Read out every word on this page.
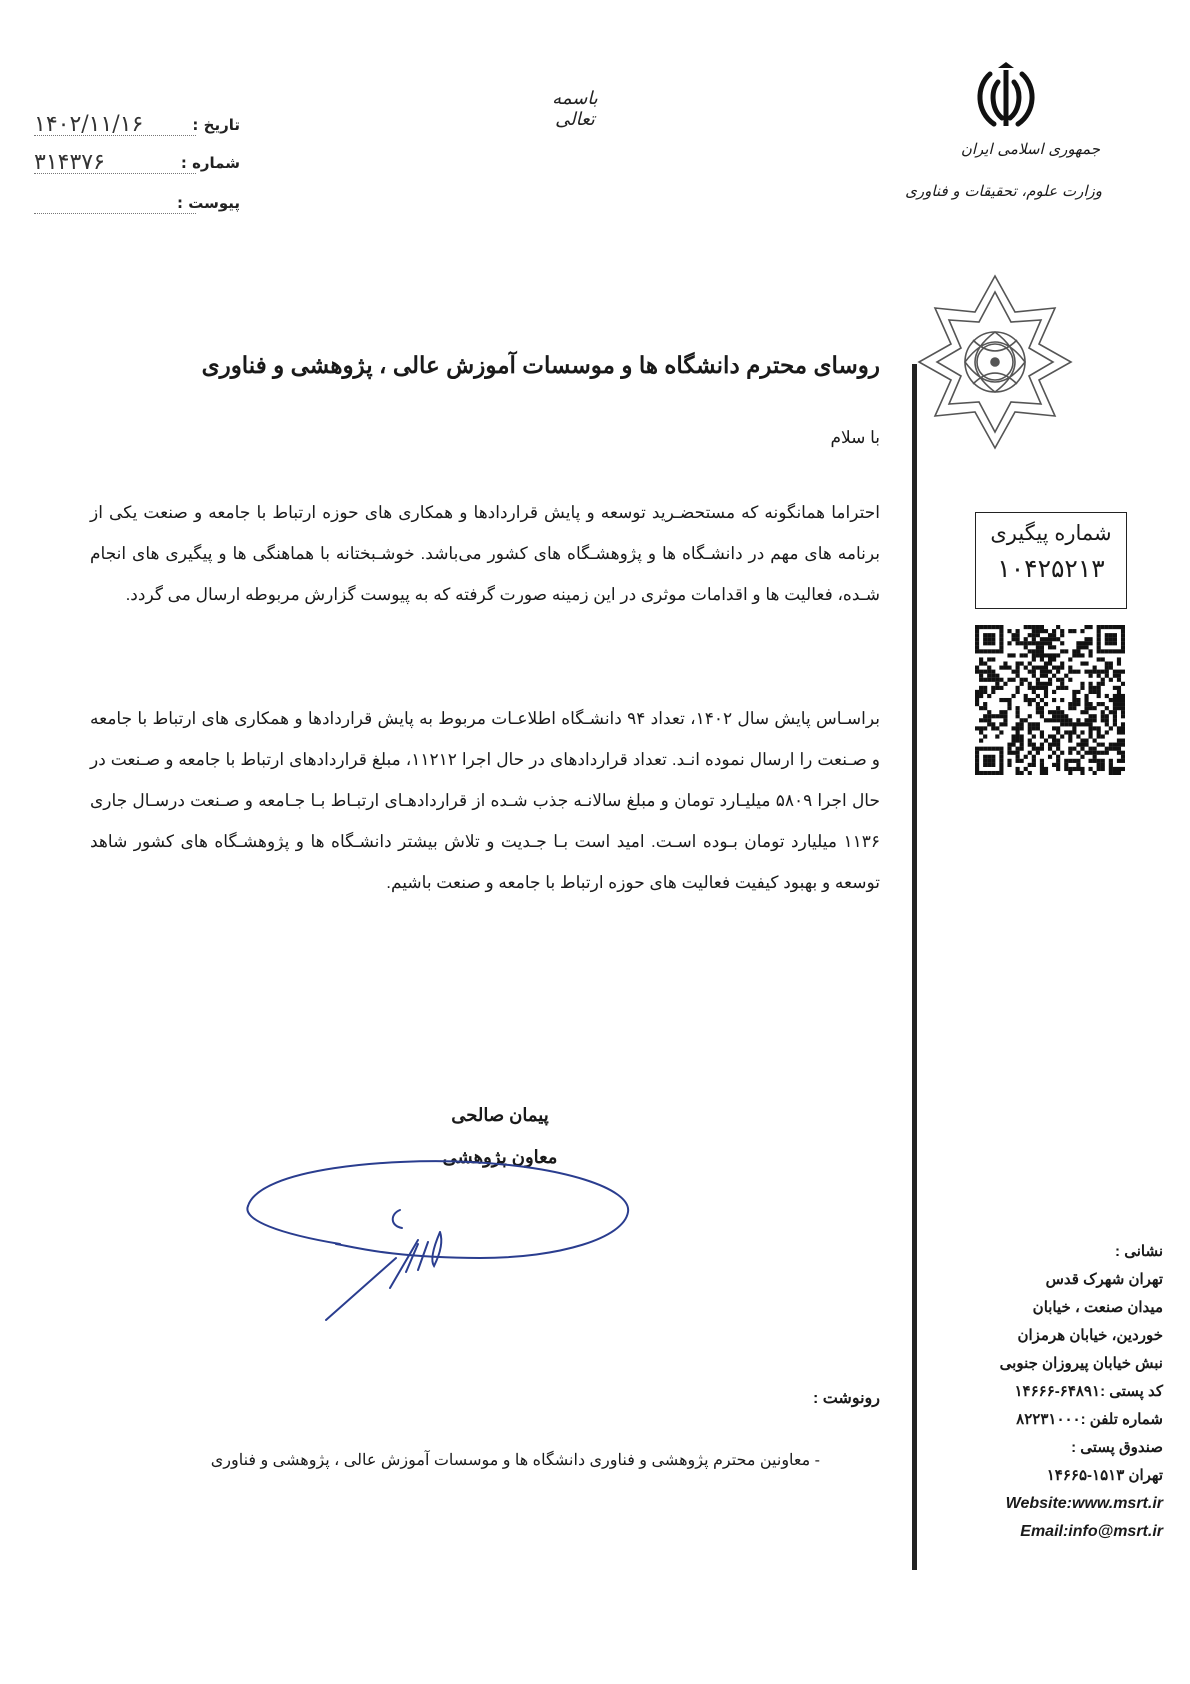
تاریخ :
۱۴۰۲/۱۱/۱۶
شماره :
۳۱۴۳۷۶
پیوست :
باسمه تعالی
جمهوری اسلامی ایران
وزارت علوم، تحقیقات و فناوری
شماره پیگیری
۱۰۴۲۵۲۱۳
روسای محترم دانشگاه ها و موسسات آموزش عالی ، پژوهشی و فناوری
با سلام
احتراما همانگونه که مستحضـرید توسعه و پایش قراردادها و همکاری های حوزه ارتباط با جامعه و صنعت یکی از برنامه های مهم در دانشـگاه ها و پژوهشـگاه های کشور می‌باشد. خوشـبختانه با هماهنگی ها و پیگیری های انجام شـده، فعالیت ها و اقدامات موثری در این زمینه صورت گرفته که به پیوست گزارش مربوطه ارسال می گردد.
براسـاس پایش سال ۱۴۰۲، تعداد ۹۴ دانشـگاه اطلاعـات مربوط به پایش قراردادها و همکاری های ارتباط با جامعه و صـنعت را ارسال نموده انـد. تعداد قراردادهای در حال اجرا ۱۱۲۱۲، مبلغ قراردادهای ارتباط با جامعه و صـنعت در حال اجرا ۵۸۰۹ میلیـارد تومان و مبلغ سالانـه جذب شـده از قراردادهـای ارتبـاط بـا جـامعه و صـنعت درسـال جاری ۱۱۳۶ میلیارد تومان بـوده اسـت. امید است بـا جـدیت و تلاش بیشتر دانشـگاه ها و پژوهشـگاه های کشور شاهد توسعه و بهبود کیفیت فعالیت های حوزه ارتباط با جامعه و صنعت باشیم.
پیمان صالحی
معاون پژوهشی
رونوشت :
- معاونین محترم پژوهشی و فناوری دانشگاه ها و موسسات آموزش عالی ، پژوهشی و فناوری
نشانی :
تهران شهرک قدس
میدان صنعت ، خیابان
خوردین، خیابان هرمزان
نبش خیابان پیروزان جنوبی
کد پستی :۶۴۸۹۱-۱۴۶۶۶
شماره تلفن :۸۲۲۳۱۰۰۰
صندوق پستی :
تهران ۱۵۱۳-۱۴۶۶۵
Website:www.msrt.ir
Email:info@msrt.ir
